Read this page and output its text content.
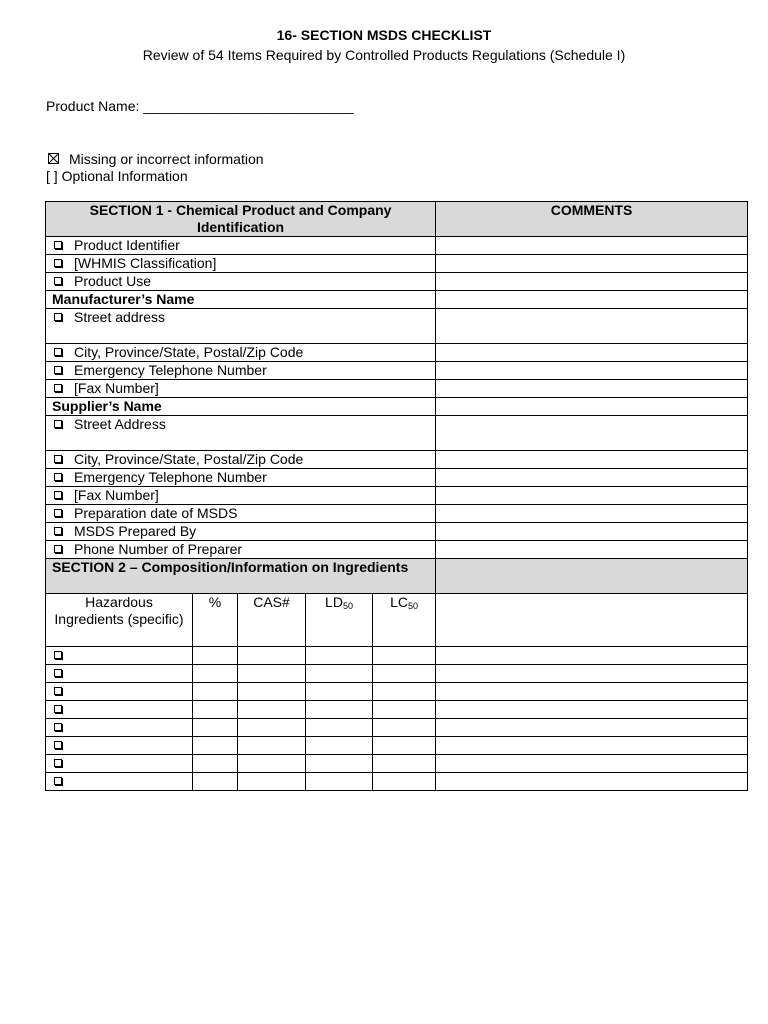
16- SECTION MSDS CHECKLIST
Review of 54 Items Required by Controlled Products Regulations (Schedule I)
Product Name: ___________________________
Missing or incorrect information
[ ] Optional Information
SECTION 1 - Chemical Product and Company Identification					COMMENTS
Product Identifier					
[WHMIS Classification]					
Product Use					
Manufacturer’s Name					
Street address					
City, Province/State, Postal/Zip Code					
Emergency Telephone Number					
[Fax Number]					
Supplier’s Name					
Street Address					
City, Province/State, Postal/Zip Code					
Emergency Telephone Number					
[Fax Number]					
Preparation date of MSDS					
MSDS Prepared By					
Phone Number of Preparer					
SECTION 2 – Composition/Information on Ingredients					
Hazardous Ingredients (specific)	%	CAS#	$LD_{50}$	$LC_{50}$	
